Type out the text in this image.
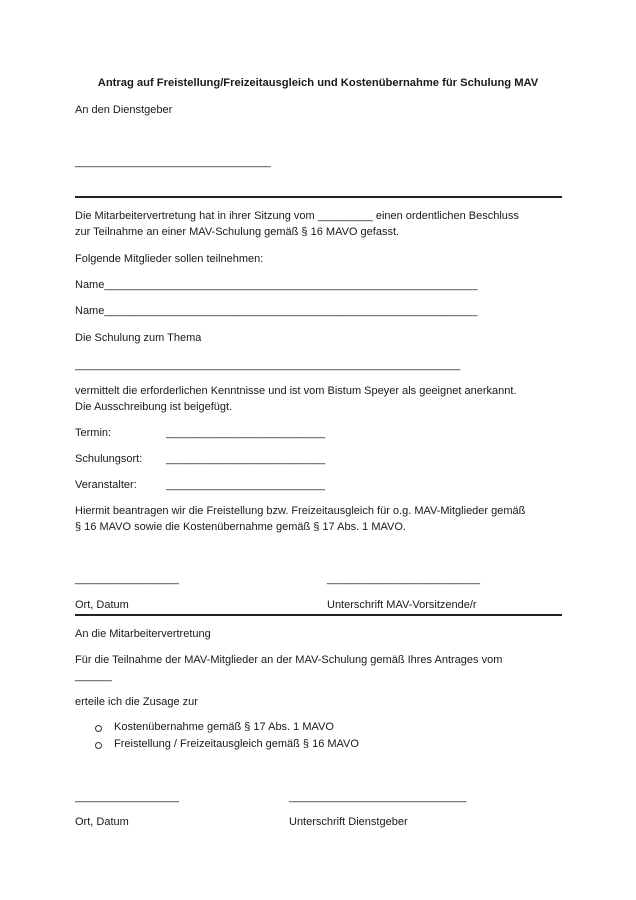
Antrag auf Freistellung/Freizeitausgleich und Kostenübernahme für Schulung MAV
An den Dienstgeber
________________________________
Die Mitarbeitervertretung hat in ihrer Sitzung vom _________ einen ordentlichen Beschluss
zur Teilnahme an einer MAV-Schulung gemäß § 16 MAVO gefasst.
Folgende Mitglieder sollen teilnehmen:
Name_____________________________________________________________
Name_____________________________________________________________
Die Schulung zum Thema
_______________________________________________________________
vermittelt die erforderlichen Kenntnisse und ist vom Bistum Speyer als geeignet anerkannt.
Die Ausschreibung ist beigefügt.
Termin:	__________________________
Schulungsort: __________________________
Veranstalter:	__________________________
Hiermit beantragen wir die Freistellung bzw. Freizeitausgleich für o.g. MAV-Mitglieder gemäß
§ 16 MAVO sowie die Kostenübernahme gemäß § 17 Abs. 1 MAVO.
_________________	_________________________
Ort, Datum	Unterschrift MAV-Vorsitzende/r
An die Mitarbeitervertretung
Für die Teilnahme der MAV-Mitglieder an der MAV-Schulung gemäß Ihres Antrages vom
______
erteile ich die Zusage zur
Kostenübernahme gemäß § 17 Abs. 1 MAVO
Freistellung / Freizeitausgleich gemäß § 16 MAVO
_________________	_____________________________
Ort, Datum	Unterschrift Dienstgeber
